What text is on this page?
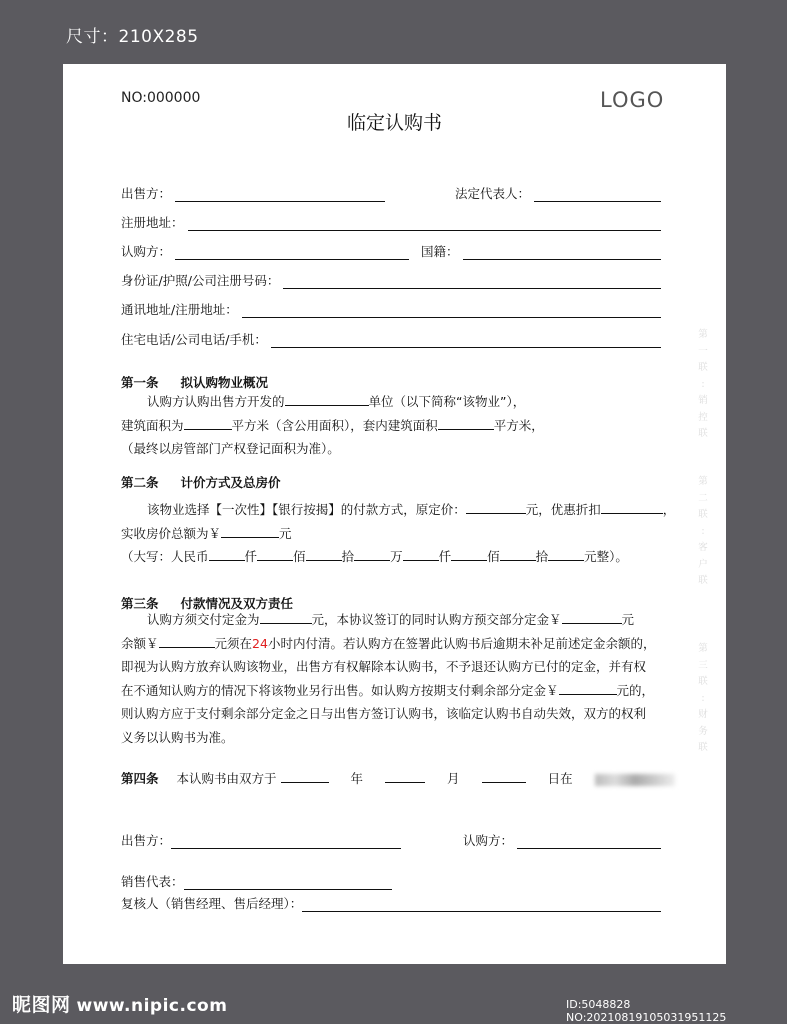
尺寸：210X285
NO:000000	LOGO
临定认购书
出售方：	法定代表人：
注册地址：
认购方：	国籍：
身份证/护照/公司注册号码：
通讯地址/注册地址：
住宅电话/公司电话/手机：
第一条 拟认购物业概况
认购方认购出售方开发的	单位（以下简称“该物业”），
建筑面积为	平方米（含公用面积），套内建筑面积	平方米，
（最终以房管部门产权登记面积为准）。
第二条 计价方式及总房价
该物业选择【一次性】【银行按揭】的付款方式，原定价：	元，优惠折扣	，
实收房价总额为￥	元
（大写：人民币	仟	佰	拾	万	仟	佰	拾	元整）。
第三条 付款情况及双方责任
认购方须交付定金为	元，本协议签订的同时认购方预交部分定金￥	元
余额￥	元须在24小时内付清。若认购方在签署此认购书后逾期未补足前述定金余额的，
即视为认购方放弃认购该物业，出售方有权解除本认购书，不予退还认购方已付的定金，并有权
在不通知认购方的情况下将该物业另行出售。如认购方按期支付剩余部分定金￥	元的，
则认购方应于支付剩余部分定金之日与出售方签订认购书，该临定认购书自动失效，双方的权利
义务以认购书为准。
第四条 本认购书由双方于	年	月	日在
出售方：	认购方：
销售代表：
复核人（销售经理、售后经理）：
第
一
联
:
销
控
联
第
二
联
:
客
户
联
第
三
联
:
财
务
联
昵图网 www.nipic.com	ID:5048828 NO:20210819105031951125
